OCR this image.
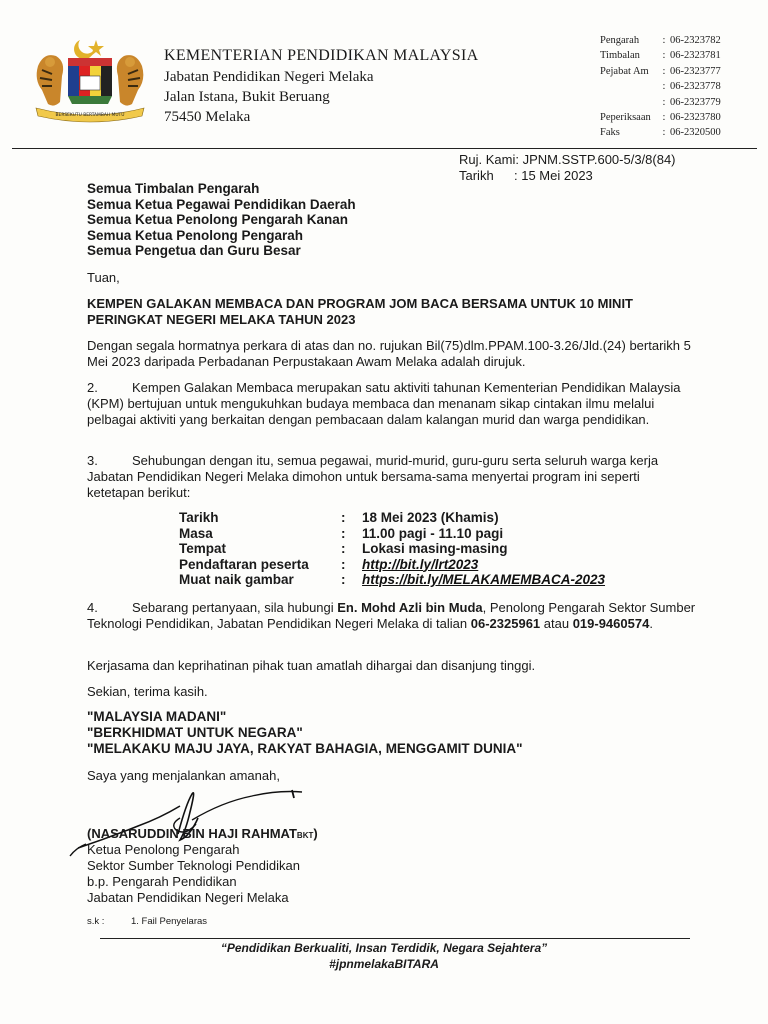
BERSEKUTU BERTAMBAH MUTU
KEMENTERIAN PENDIDIKAN MALAYSIA
Jabatan Pendidikan Negeri Melaka
Jalan Istana, Bukit Beruang
75450 Melaka
Pengarah	: 06-2323782
Timbalan	: 06-2323781
Pejabat Am	: 06-2323777
: 06-2323778
: 06-2323779
Peperiksaan	: 06-2323780
Faks	: 06-2320500
Ruj. Kami: JPNM.SSTP.600-5/3/8(84)
Tarikh : 15 Mei 2023
Semua Timbalan Pengarah
Semua Ketua Pegawai Pendidikan Daerah
Semua Ketua Penolong Pengarah Kanan
Semua Ketua Penolong Pengarah
Semua Pengetua dan Guru Besar
Tuan,
KEMPEN GALAKAN MEMBACA DAN PROGRAM JOM BACA BERSAMA UNTUK 10 MINIT
PERINGKAT NEGERI MELAKA TAHUN 2023

Dengan segala hormatnya perkara di atas dan no. rujukan Bil(75)dlm.PPAM.100-3.26/Jld.(24) bertarikh 5 Mei 2023 daripada Perbadanan Perpustakaan Awam Melaka adalah dirujuk.

2.	Kempen Galakan Membaca merupakan satu aktiviti tahunan Kementerian Pendidikan Malaysia (KPM) bertujuan untuk mengukuhkan budaya membaca dan menanam sikap cintakan ilmu melalui pelbagai aktiviti yang berkaitan dengan pembacaan dalam kalangan murid dan warga pendidikan.

3.	Sehubungan dengan itu, semua pegawai, murid-murid, guru-guru serta seluruh warga kerja Jabatan Pendidikan Negeri Melaka dimohon untuk bersama-sama menyertai program ini seperti ketetapan berikut:

Tarikh	: 18 Mei 2023 (Khamis)
Masa	: 11.00 pagi - 11.10 pagi
Tempat	: Lokasi masing-masing
Pendaftaran peserta : http://bit.ly/lrt2023
Muat naik gambar	: https://bit.ly/MELAKAMEMBACA-2023

4.	Sebarang pertanyaan, sila hubungi En. Mohd Azli bin Muda, Penolong Pengarah Sektor Sumber Teknologi Pendidikan, Jabatan Pendidikan Negeri Melaka di talian 06-2325961 atau 019-9460574.

Kerjasama dan keprihatinan pihak tuan amatlah dihargai dan disanjung tinggi.

Sekian, terima kasih.

"MALAYSIA MADANI"
"BERKHIDMAT UNTUK NEGARA"
"MELAKAKU MAJU JAYA, RAKYAT BAHAGIA, MENGGAMIT DUNIA"
Saya yang menjalankan amanah,
(NASARUDDIN BIN HAJI RAHMATBKT)
Ketua Penolong Pengarah
Sektor Sumber Teknologi Pendidikan
b.p. Pengarah Pendidikan
Jabatan Pendidikan Negeri Melaka
s.k :	1. Fail Penyelaras
“Pendidikan Berkualiti, Insan Terdidik, Negara Sejahtera”
#jpnmelakaBITARA
